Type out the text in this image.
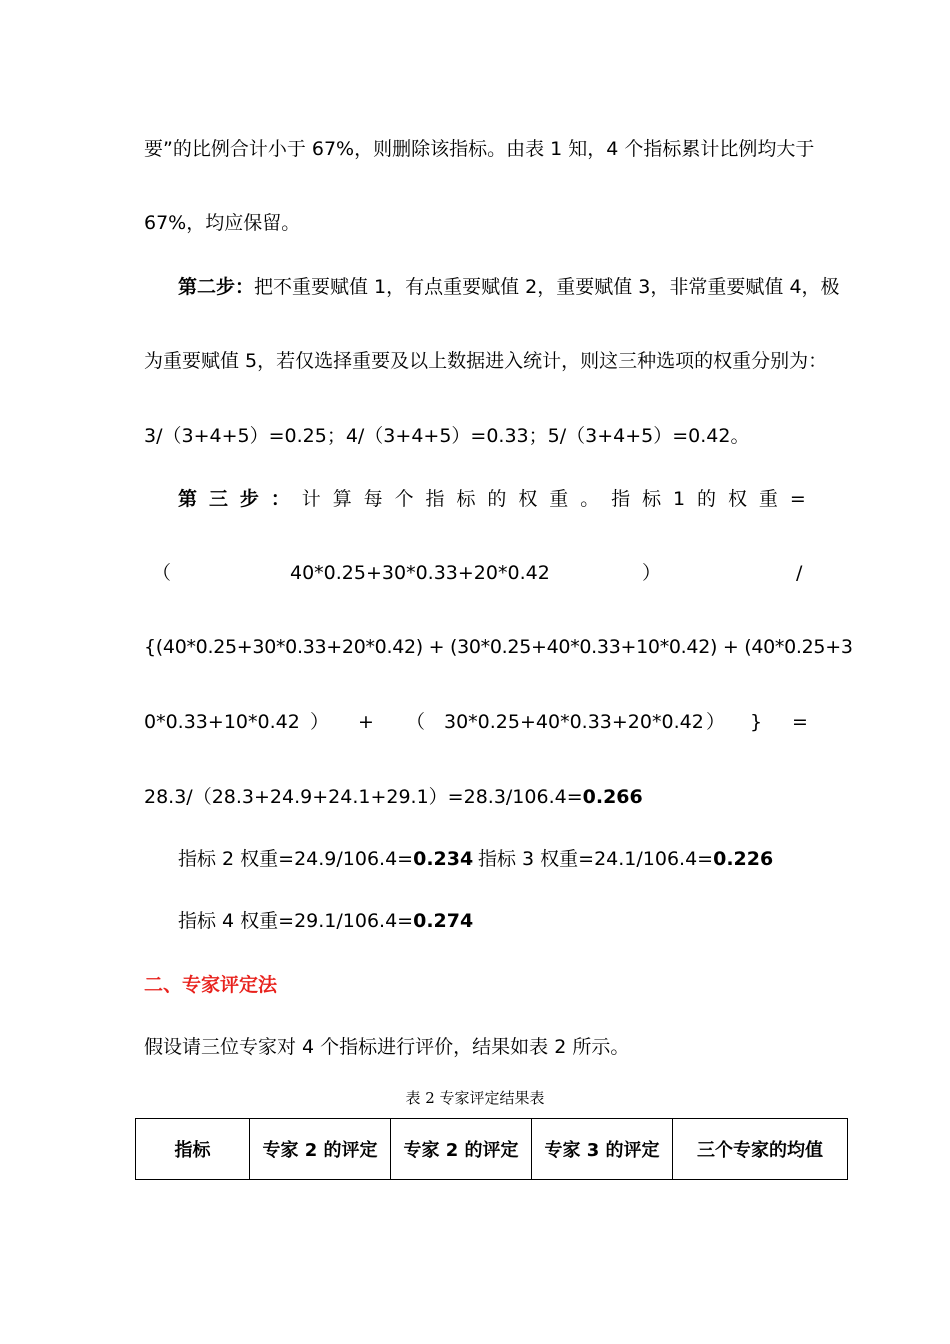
要”的比例合计小于 67%，则删除该指标。由表 1 知，4 个指标累计比例均大于
67%，均应保留。
第二步：把不重要赋值 1，有点重要赋值 2，重要赋值 3，非常重要赋值 4，极
为重要赋值 5，若仅选择重要及以上数据进入统计，则这三种选项的权重分别为：
3/（3+4+5）=0.25；4/（3+4+5）=0.33；5/（3+4+5）=0.42。
第 三 步 ： 计 算 每 个 指 标 的 权 重 。 指 标 1 的 权 重 =
（	40*0.25+30*0.33+20*0.42	）	/
{(40*0.25+30*0.33+20*0.42) + (30*0.25+40*0.33+10*0.42) + (40*0.25+3
0*0.33+10*0.42 ） + （ 30*0.25+40*0.33+20*0.42 ） } =
28.3/（28.3+24.9+24.1+29.1）=28.3/106.4=0.266
指标 2 权重=24.9/106.4=0.234 指标 3 权重=24.1/106.4=0.226
指标 4 权重=29.1/106.4=0.274
二、专家评定法
假设请三位专家对 4 个指标进行评价，结果如表 2 所示。
表 2 专家评定结果表
指标	专家 2 的评定	专家 2 的评定	专家 3 的评定	三个专家的均值
